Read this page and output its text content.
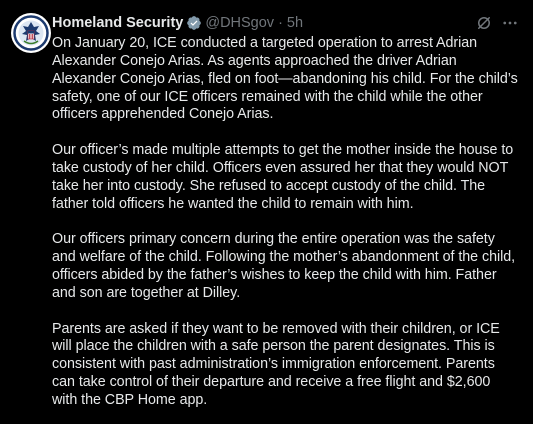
Homeland Security @DHSgov · 5h

On January 20, ICE conducted a targeted operation to arrest Adrian Alexander Conejo Arias. As agents approached the driver Adrian Alexander Conejo Arias, fled on foot—abandoning his child. For the child’s safety, one of our ICE officers remained with the child while the other officers apprehended Conejo Arias.

Our officer’s made multiple attempts to get the mother inside the house to take custody of her child. Officers even assured her that they would NOT take her into custody. She refused to accept custody of the child. The father told officers he wanted the child to remain with him.

Our officers primary concern during the entire operation was the safety and welfare of the child. Following the mother’s abandonment of the child, officers abided by the father’s wishes to keep the child with him. Father and son are together at Dilley.

Parents are asked if they want to be removed with their children, or ICE will place the children with a safe person the parent designates. This is consistent with past administration’s immigration enforcement. Parents can take control of their departure and receive a free flight and $2,600 with the CBP Home app.
